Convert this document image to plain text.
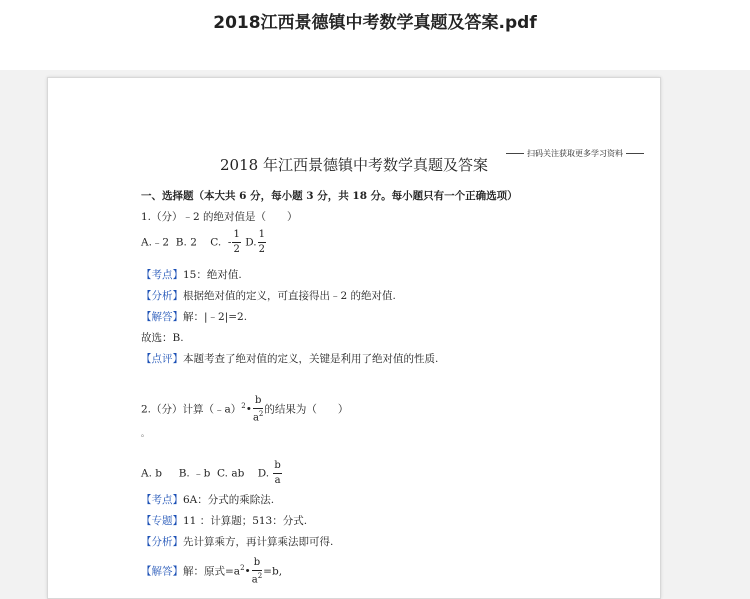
2018江西景德镇中考数学真题及答案.pdf
扫码关注获取更多学习资料
2018 年江西景德镇中考数学真题及答案
一、选择题（本大共 6 分，每小题 3 分，共 18 分。每小题只有一个正确选项）
1.（分）﹣2 的绝对值是（　　）
A.﹣2 B. 2 C. - $\frac{1}{2} D$. $\frac{1}{2}$
【考点】15：绝对值.
【分析】根据绝对值的定义，可直接得出﹣2 的绝对值.
【解答】解：|﹣2|=2.
故选：B.
【点评】本题考查了绝对值的定义，关键是利用了绝对值的性质.
2.（分）计算（﹣a）$^2$• $\frac{b}{a^2}$ 的结果为（　　）
。
A. b B. ﹣b C. ab D. $\frac{b}{a}$
【考点】6A：分式的乘除法.
【专题】11 ：计算题；513：分式.
【分析】先计算乘方，再计算乘法即可得.
【解答】解：原式$=a^2• \frac{b}{a^2} =b$,
